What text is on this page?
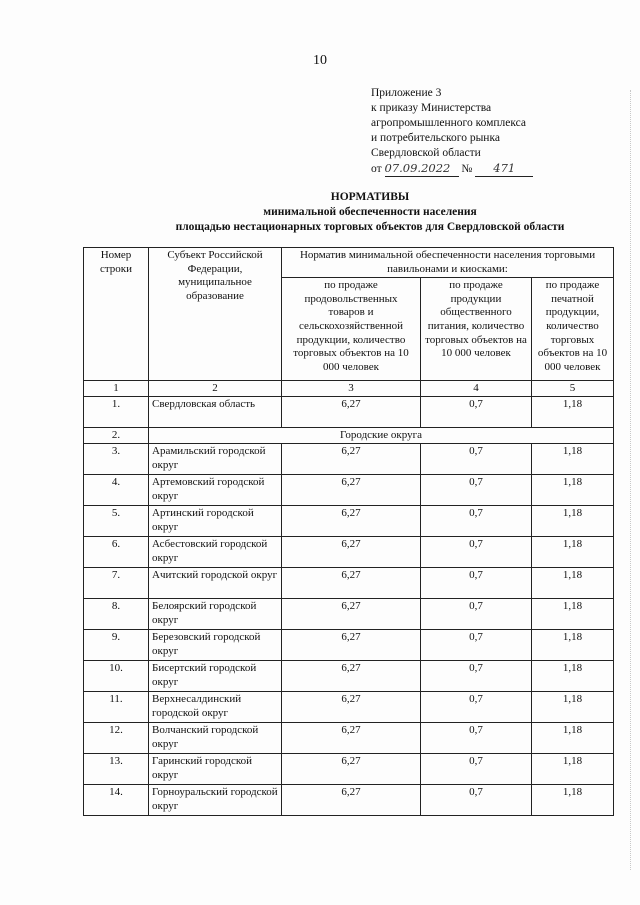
10
Приложение 3
к приказу Министерства
агропромышленного комплекса
и потребительского рынка
Свердловской области
от 07.09.2022 № 471
НОРМАТИВЫ
минимальной обеспеченности населения
площадью нестационарных торговых объектов для Свердловской области
Номер строки	Субъект Российской Федерации, муниципальное образование	Норматив минимальной обеспеченности населения торговыми павильонами и киосками:		
		по продаже продовольственных товаров и сельскохозяйственной продукции, количество торговых объектов на 10 000 человек	по продаже продукции общественного питания, количество торговых объектов на 10 000 человек	по продаже печатной продукции, количество торговых объектов на 10 000 человек
1	2	3	4	5
1.	Свердловская область	6,27	0,7	1,18
2.	Городские округа			
3.	Арамильский городской округ	6,27	0,7	1,18
4.	Артемовский городской округ	6,27	0,7	1,18
5.	Артинский городской округ	6,27	0,7	1,18
6.	Асбестовский городской округ	6,27	0,7	1,18
7.	Ачитский городской округ	6,27	0,7	1,18
8.	Белоярский городской округ	6,27	0,7	1,18
9.	Березовский городской округ	6,27	0,7	1,18
10.	Бисертский городской округ	6,27	0,7	1,18
11.	Верхнесалдинский городской округ	6,27	0,7	1,18
12.	Волчанский городской округ	6,27	0,7	1,18
13.	Гаринский городской округ	6,27	0,7	1,18
14.	Горноуральский городской округ	6,27	0,7	1,18
